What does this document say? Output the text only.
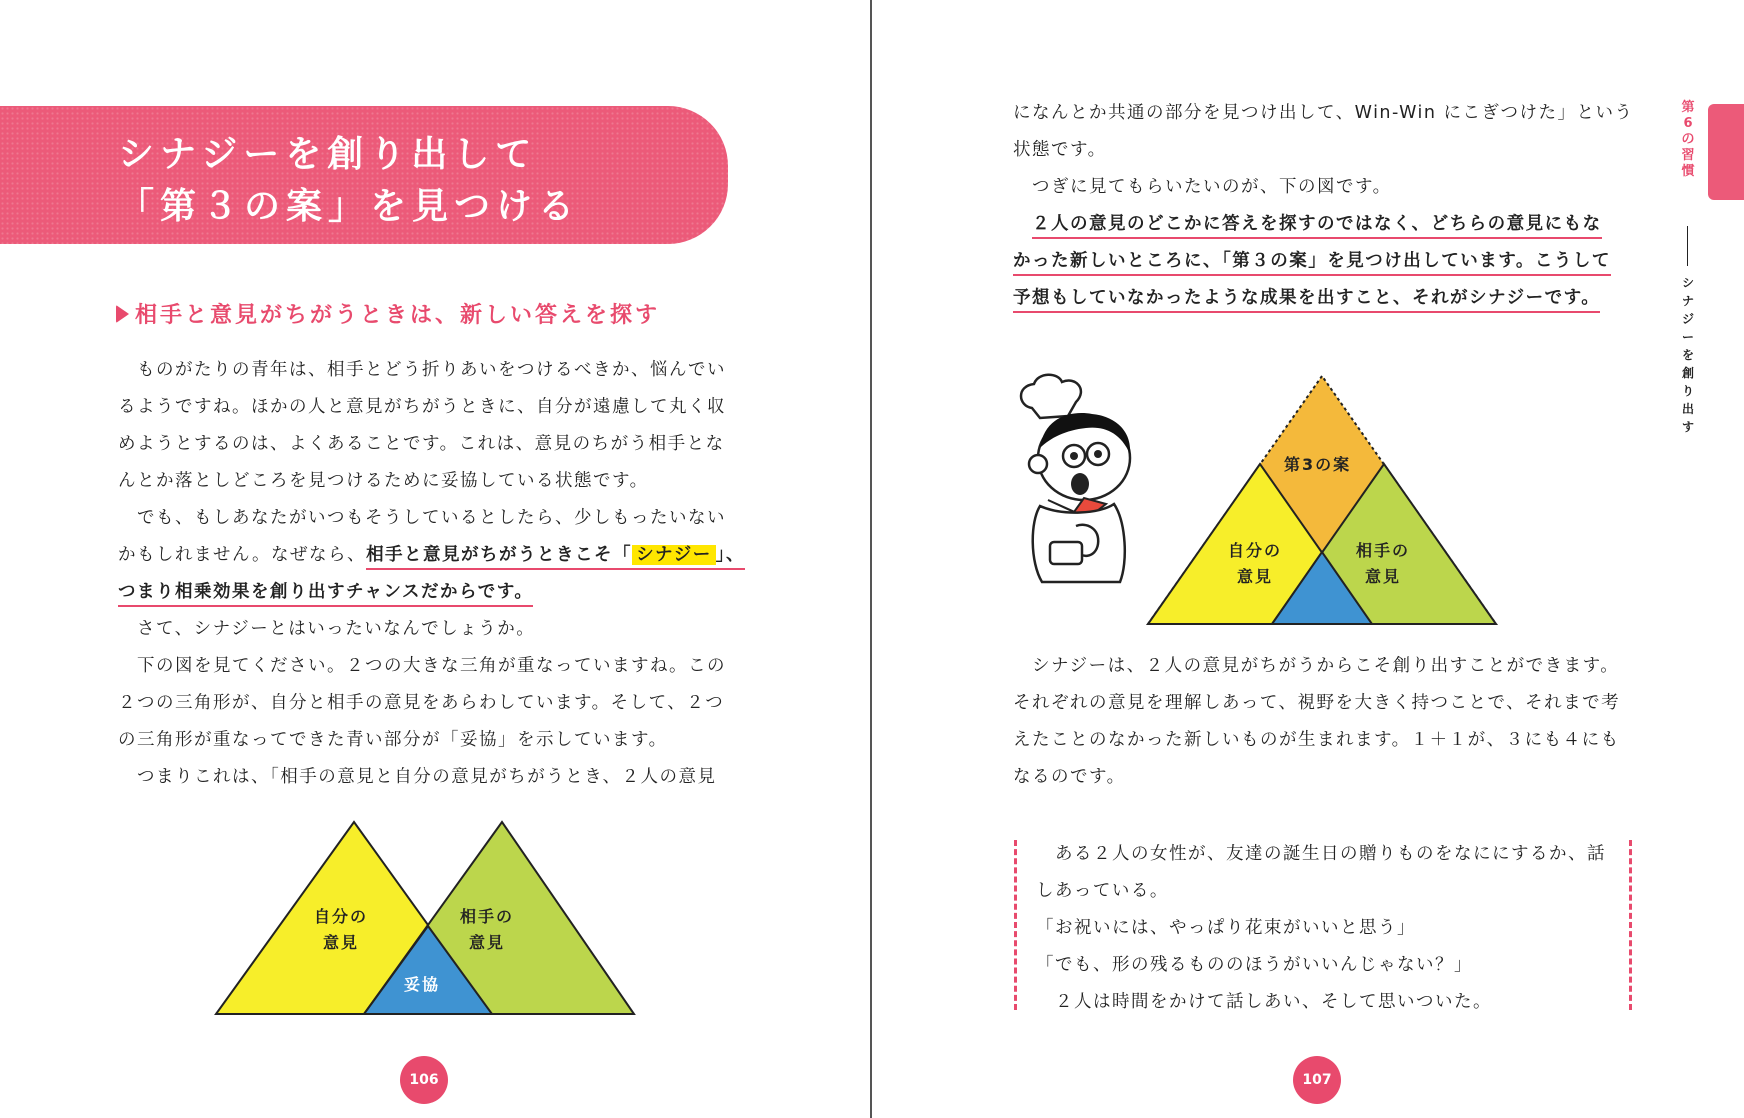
シナジーを創り出して
「第３の案」を見つける
相手と意見がちがうときは、新しい答えを探す

　ものがたりの青年は、相手とどう折りあいをつけるべきか、悩んでい

るようですね。ほかの人と意見がちがうときに、自分が遠慮して丸く収

めようとするのは、よくあることです。これは、意見のちがう相手とな

んとか落としどころを見つけるために妥協している状態です。

　でも、もしあなたがいつもそうしているとしたら、少しもったいない

かもしれません。なぜなら、相手と意見がちがうときこそ「 シナジー 」、

つまり相乗効果を創り出すチャンスだからです。

　さて、シナジーとはいったいなんでしょうか。

　下の図を見てください。２つの大きな三角が重なっていますね。この

２つの三角形が、自分と相手の意見をあらわしています。そして、２つ

の三角形が重なってできた青い部分が「妥協」を示しています。

　つまりこれは、「相手の意見と自分の意見がちがうとき、２人の意見

自分の
意見
相手の
意見
妥協
106

になんとか共通の部分を見つけ出して、Win-Win にこぎつけた」という

状態です。

　つぎに見てもらいたいのが、下の図です。

　２人の意見のどこかに答えを探すのではなく、どちらの意見にもな

かった新しいところに、「第３の案」を見つけ出しています。こうして

予想もしていなかったような成果を出すこと、それがシナジーです。

第3の案
自分の
意見
相手の
意見

　シナジーは、２人の意見がちがうからこそ創り出すことができます。

それぞれの意見を理解しあって、視野を大きく持つことで、それまで考

えたことのなかった新しいものが生まれます。１＋１が、３にも４にも

なるのです。

　ある２人の女性が、友達の誕生日の贈りものをなににするか、話

しあっている。

「お祝いには、やっぱり花束がいいと思う」

「でも、形の残るもののほうがいいんじゃない？」

　２人は時間をかけて話しあい、そして思いついた。

第
6
の
習
慣
シ
ナ
ジ
ー
を
創
り
出
す
107
